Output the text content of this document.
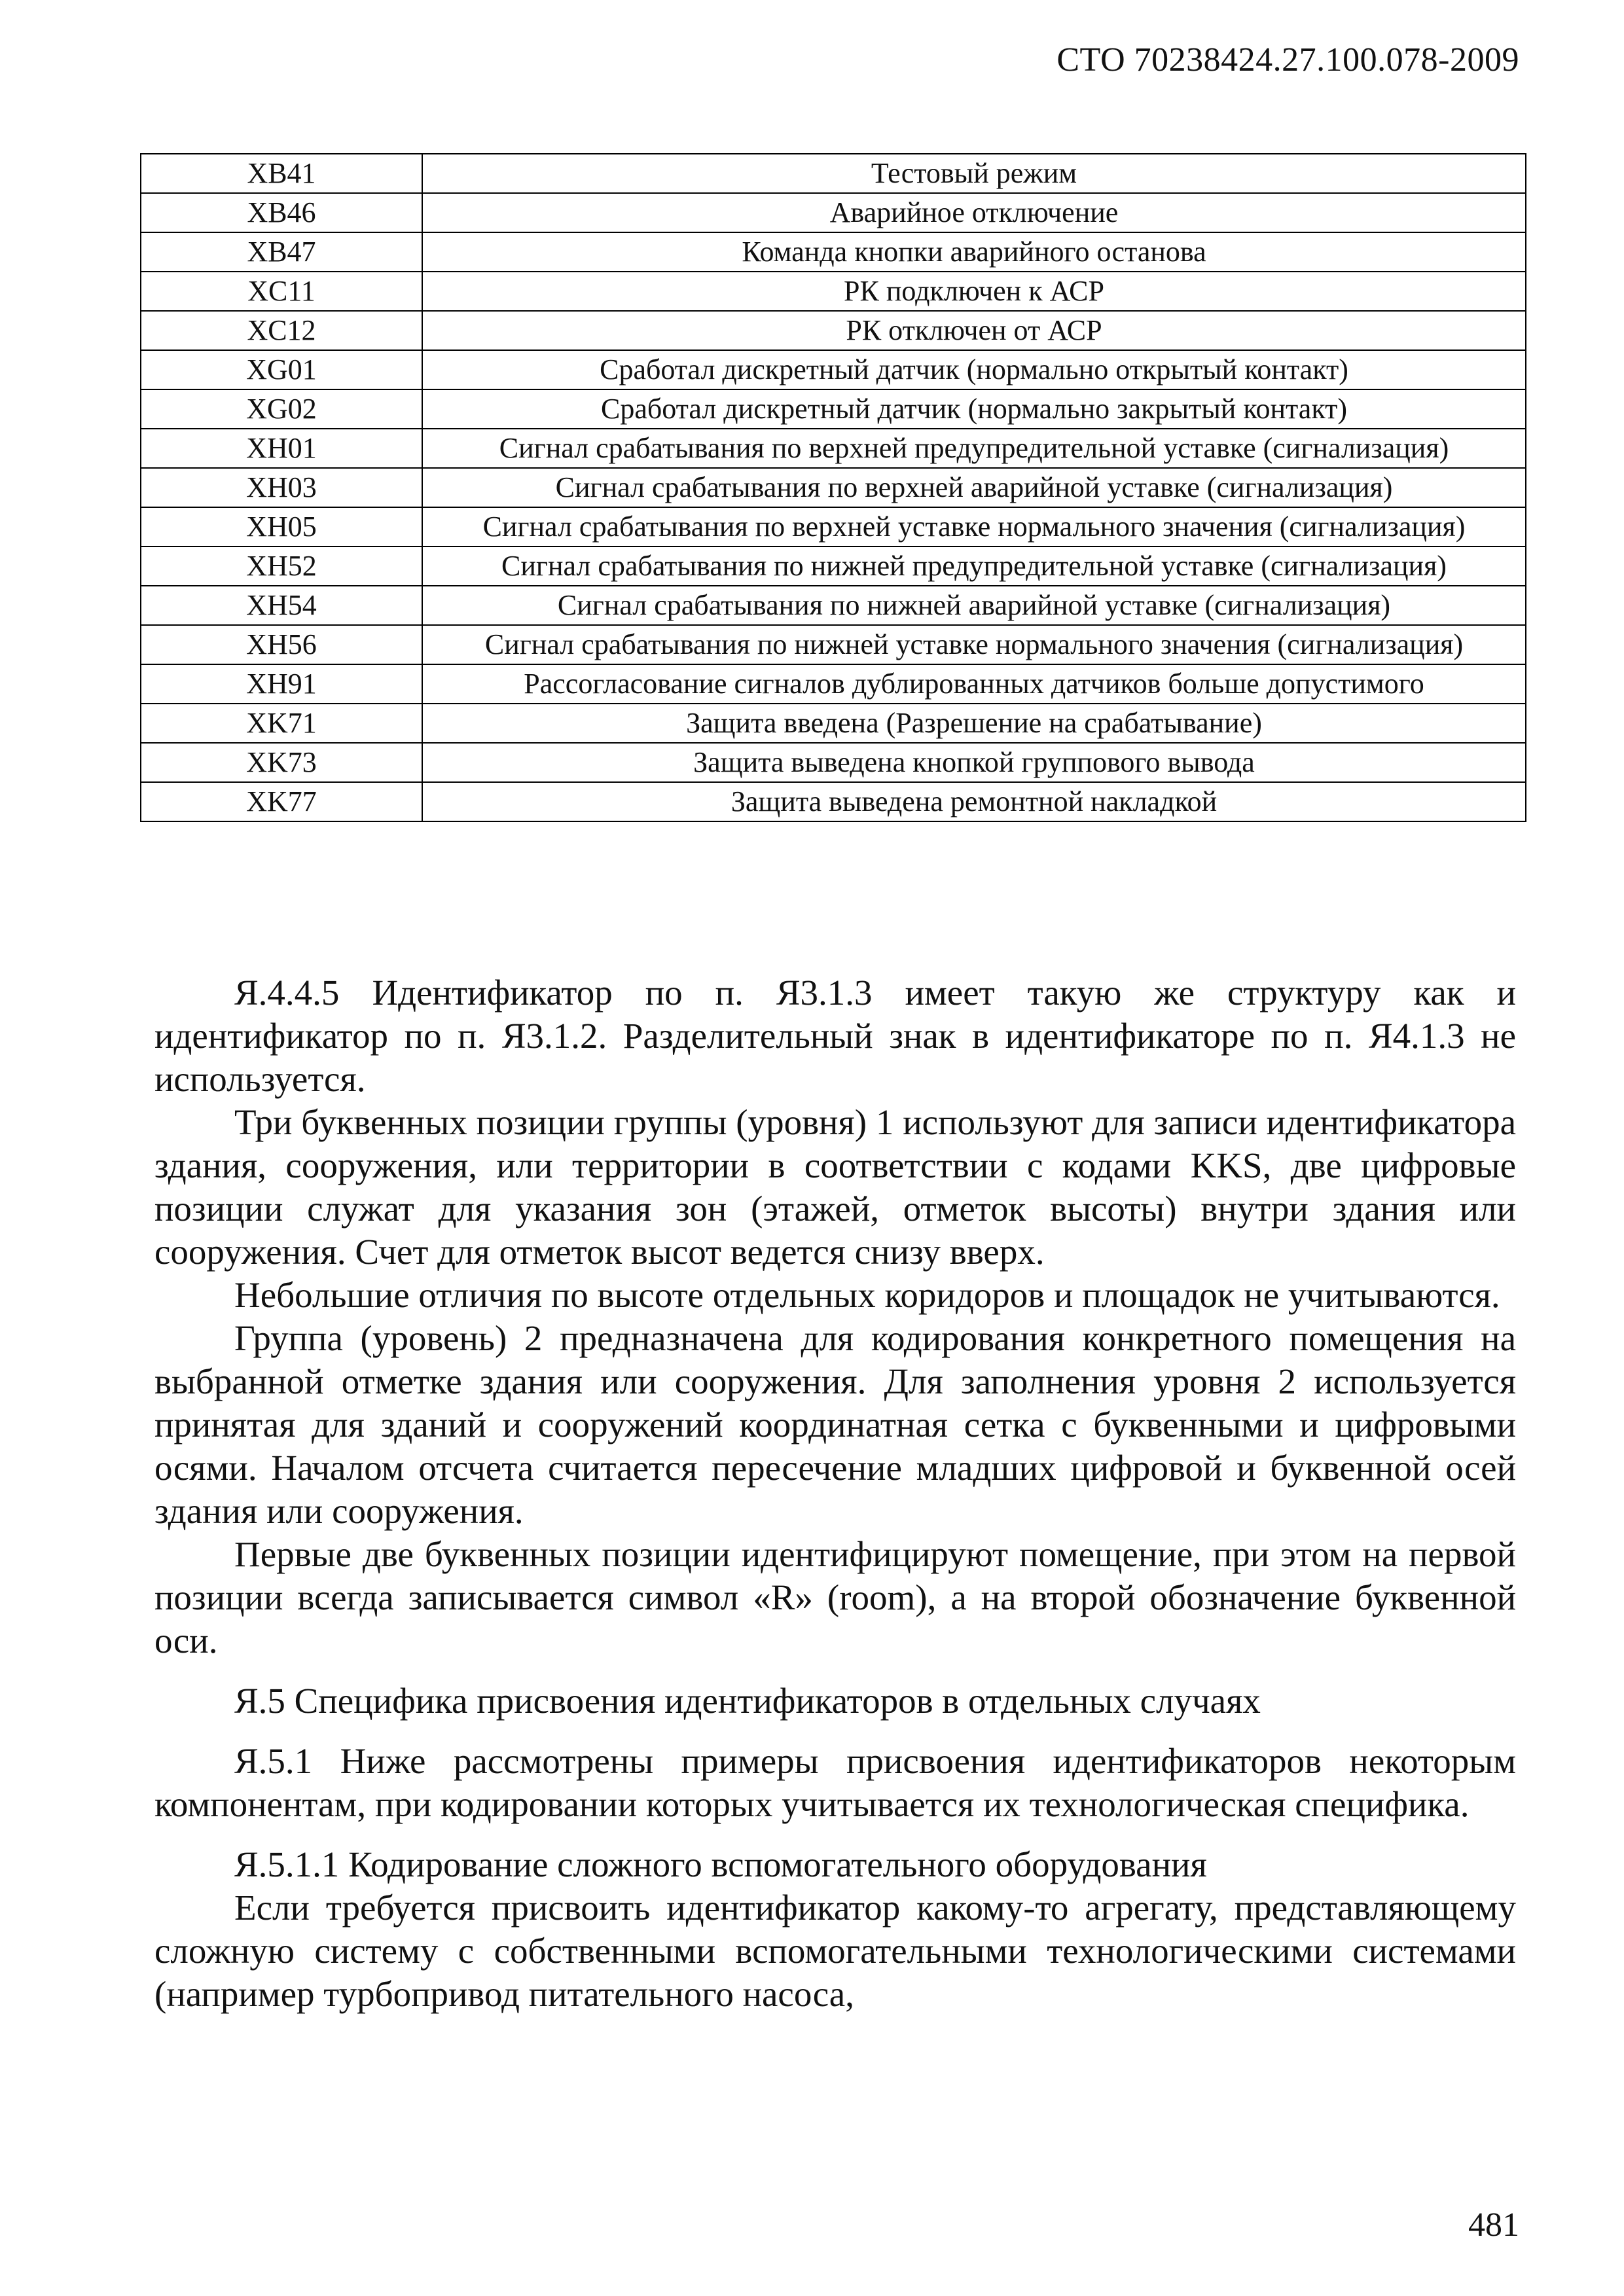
СТО 70238424.27.100.078-2009
XB41	Тестовый режим
XB46	Аварийное отключение
XB47	Команда кнопки аварийного останова
XC11	РК подключен к АСР
XC12	РК отключен от АСР
XG01	Сработал дискретный датчик (нормально открытый контакт)
XG02	Сработал дискретный датчик (нормально закрытый контакт)
XH01	Сигнал срабатывания по верхней предупредительной уставке (сигнализация)
XH03	Сигнал срабатывания по верхней аварийной уставке (сигнализация)
XH05	Сигнал срабатывания по верхней уставке нормального значения (сигнализация)
XH52	Сигнал срабатывания по нижней предупредительной уставке (сигнализация)
XH54	Сигнал срабатывания по нижней аварийной уставке (сигнализация)
XH56	Сигнал срабатывания по нижней уставке нормального значения (сигнализация)
XH91	Рассогласование сигналов дублированных датчиков больше допустимого
XK71	Защита введена (Разрешение на срабатывание)
XK73	Защита выведена кнопкой группового вывода
XK77	Защита выведена ремонтной накладкой

Я.4.4.5 Идентификатор по п. Я3.1.3 имеет такую же структуру как и идентификатор по п. Я3.1.2. Разделительный знак в идентификаторе по п. Я4.1.3 не используется.

Три буквенных позиции группы (уровня) 1 используют для записи идентификатора здания, сооружения, или территории в соответствии с кодами KKS, две цифровые позиции служат для указания зон (этажей, отметок высоты) внутри здания или сооружения. Счет для отметок высот ведется снизу вверх.

Небольшие отличия по высоте отдельных коридоров и площадок не учитываются.

Группа (уровень) 2 предназначена для кодирования конкретного помещения на выбранной отметке здания или сооружения. Для заполнения уровня 2 используется принятая для зданий и сооружений координатная сетка с буквенными и цифровыми осями. Началом отсчета считается пересечение младших цифровой и буквенной осей здания или сооружения.

Первые две буквенных позиции идентифицируют помещение, при этом на первой позиции всегда записывается символ «R» (room), а на второй обозначение буквенной оси.

Я.5 Специфика присвоения идентификаторов в отдельных случаях

Я.5.1 Ниже рассмотрены примеры присвоения идентификаторов некоторым компонентам, при кодировании которых учитывается их технологическая специфика.

Я.5.1.1 Кодирование сложного вспомогательного оборудования

Если требуется присвоить идентификатор какому-то агрегату, представляющему сложную систему с собственными вспомогательными технологическими системами (например турбопривод питательного насоса,

481
